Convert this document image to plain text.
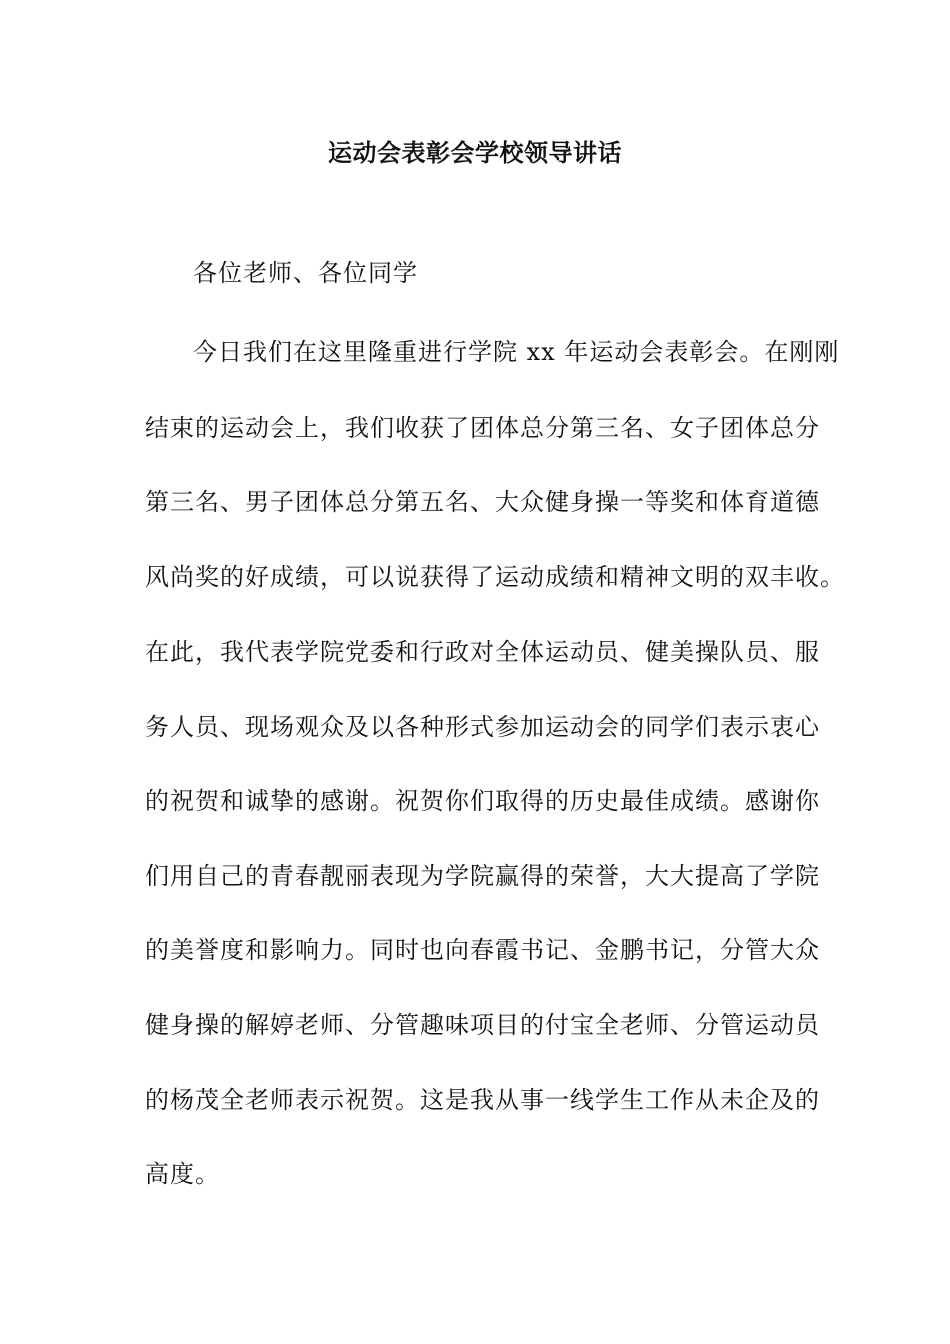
运动会表彰会学校领导讲话
各位老师、各位同学
今日我们在这里隆重进行学院 xx 年运动会表彰会。在刚刚
结束的运动会上，我们收获了团体总分第三名、女子团体总分
第三名、男子团体总分第五名、大众健身操一等奖和体育道德
风尚奖的好成绩，可以说获得了运动成绩和精神文明的双丰收。
在此，我代表学院党委和行政对全体运动员、健美操队员、服
务人员、现场观众及以各种形式参加运动会的同学们表示衷心
的祝贺和诚挚的感谢。祝贺你们取得的历史最佳成绩。感谢你
们用自己的青春靓丽表现为学院赢得的荣誉，大大提高了学院
的美誉度和影响力。同时也向春霞书记、金鹏书记，分管大众
健身操的解婷老师、分管趣味项目的付宝全老师、分管运动员
的杨茂全老师表示祝贺。这是我从事一线学生工作从未企及的
高度。
